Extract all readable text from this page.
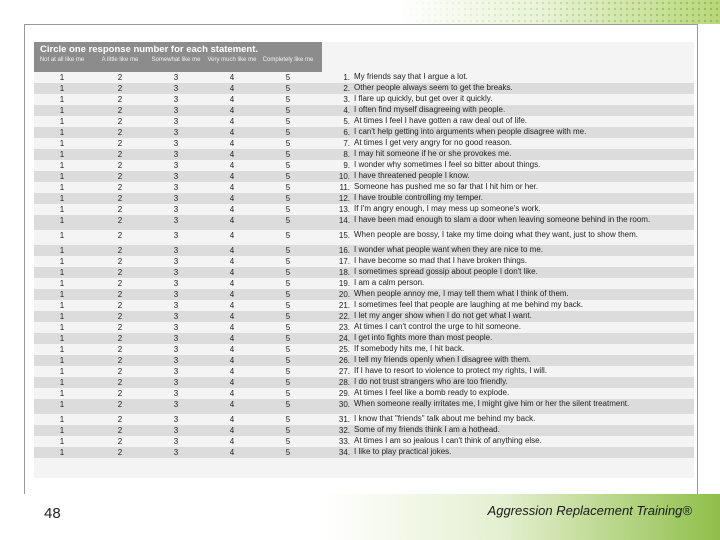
Circle one response number for each statement.
Not at all like me	A little like me	Somewhat like me Very much like me Completely like me
1	2	3	4	5	1. My friends say that I argue a lot.
1	2	3	4	5	2. Other people always seem to get the breaks.
1	2	3	4	5	3. I flare up quickly, but get over it quickly.
1	2	3	4	5	4. I often find myself disagreeing with people.
1	2	3	4	5	5. At times I feel I have gotten a raw deal out of life.
1	2	3	4	5	6. I can't help getting into arguments when people disagree with me.
1	2	3	4	5	7. At times I get very angry for no good reason.
1	2	3	4	5	8. I may hit someone if he or she provokes me.
1	2	3	4	5	9. I wonder why sometimes I feel so bitter about things.
1	2	3	4	5	10. I have threatened people I know.
1	2	3	4	5	11. Someone has pushed me so far that I hit him or her.
1	2	3	4	5	12. I have trouble controlling my temper.
1	2	3	4	5	13. If I'm angry enough, I may mess up someone's work.
1	2	3	4	5	14. I have been mad enough to slam a door when leaving someone behind in the room.
1	2	3	4	5	15. When people are bossy, I take my time doing what they want, just to show them.
1	2	3	4	5	16. I wonder what people want when they are nice to me.
1	2	3	4	5	17. I have become so mad that I have broken things.
1	2	3	4	5	18. I sometimes spread gossip about people I don't like.
1	2	3	4	5	19. I am a calm person.
1	2	3	4	5	20. When people annoy me, I may tell them what I think of them.
1	2	3	4	5	21. I sometimes feel that people are laughing at me behind my back.
1	2	3	4	5	22. I let my anger show when I do not get what I want.
1	2	3	4	5	23. At times I can't control the urge to hit someone.
1	2	3	4	5	24. I get into fights more than most people.
1	2	3	4	5	25. If somebody hits me, I hit back.
1	2	3	4	5	26. I tell my friends openly when I disagree with them.
1	2	3	4	5	27. If I have to resort to violence to protect my rights, I will.
1	2	3	4	5	28. I do not trust strangers who are too friendly.
1	2	3	4	5	29. At times I feel like a bomb ready to explode.
1	2	3	4	5	30. When someone really irritates me, I might give him or her the silent treatment.
1	2	3	4	5	31. I know that "friends" talk about me behind my back.
1	2	3	4	5	32. Some of my friends think I am a hothead.
1	2	3	4	5	33. At times I am so jealous I can't think of anything else.
1	2	3	4	5	34. I like to play practical jokes.
48	Aggression Replacement Training®
